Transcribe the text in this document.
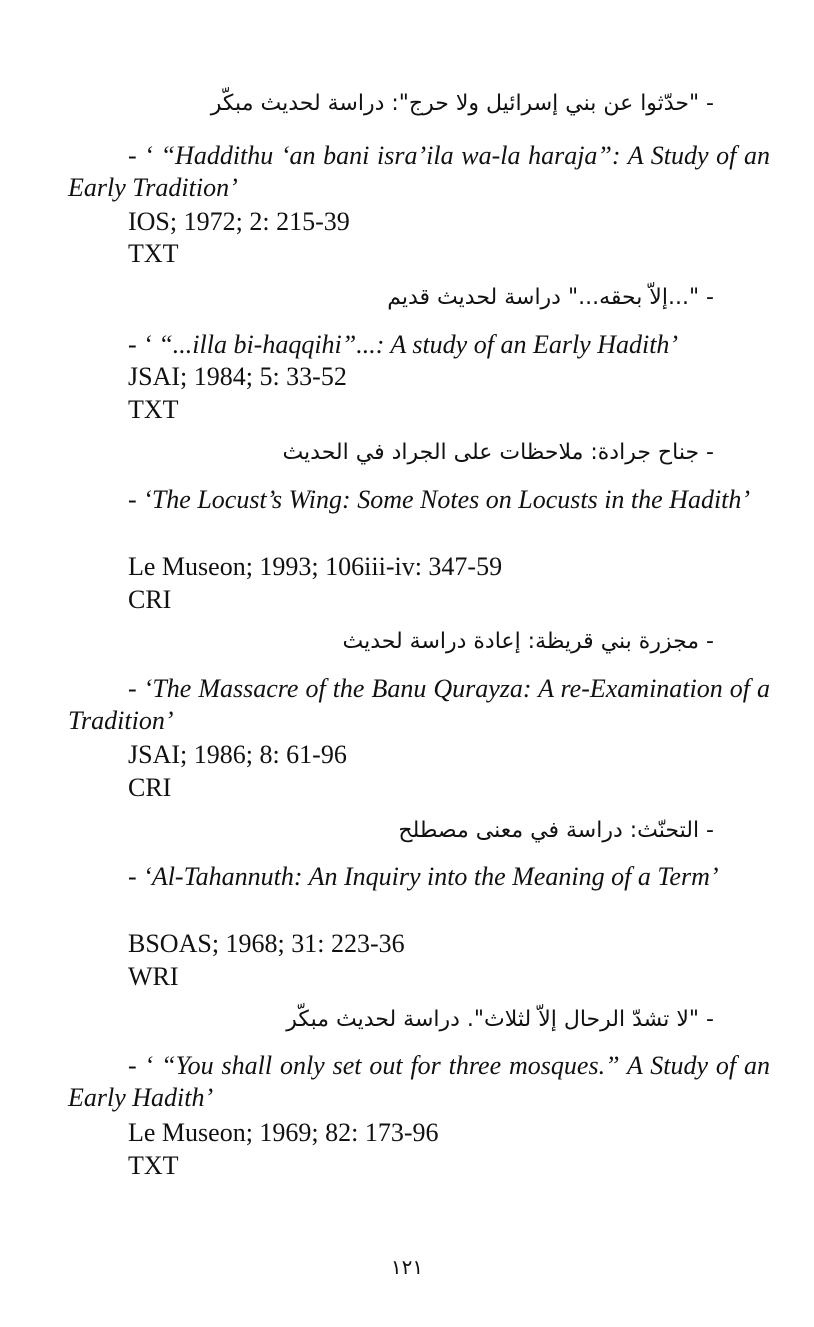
- "حدّثوا عن بني إسرائيل ولا حرج": دراسة لحديث مبكّر
- ‘ “Haddithu ‘an bani isra’ila wa-la haraja”: A Study of an Early Tradition’
IOS; 1972; 2: 215-39
TXT
- "...إلاّ بحقه..." دراسة لحديث قديم
- ‘ “...illa bi-haqqihi”...: A study of an Early Hadith’
JSAI; 1984; 5: 33-52
TXT
- جناح جرادة: ملاحظات على الجراد في الحديث
- ‘The Locust’s Wing: Some Notes on Locusts in the Hadith’
Le Museon; 1993; 106iii-iv: 347-59
CRI
- مجزرة بني قريظة: إعادة دراسة لحديث
- ‘The Massacre of the Banu Qurayza: A re-Examination of a Tradition’
JSAI; 1986; 8: 61-96
CRI
- التحنّث: دراسة في معنى مصطلح
- ‘Al-Tahannuth: An Inquiry into the Meaning of a Term’
BSOAS; 1968; 31: 223-36
WRI
- "لا تشدّ الرحال إلاّ لثلاث". دراسة لحديث مبكّر
- ‘ “You shall only set out for three mosques.” A Study of an Early Hadith’
Le Museon; 1969; 82: 173-96
TXT
١٢١
